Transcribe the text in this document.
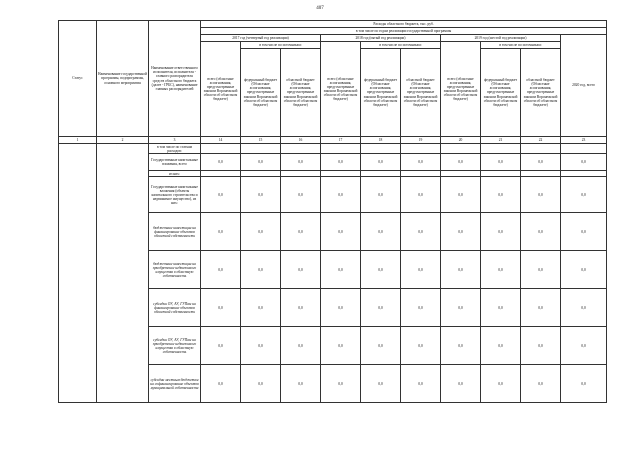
407
Статус	Наименование государственной программы, подпрограммы, основного мероприятия	Наименование ответственного исполнителя, исполнителя - главного распорядителя средств областного бюджета (далее - ГРБС), наименование главных распорядителей	Расходы областного бюджета, тыс. руб.									
			в том числе по годам реализации государственной программы									
			2017 год (четвертый год реализации)			2018 год (пятый год реализации)			2019 год (шестой год реализации)			2020 год, всего
			всего (областные ассигнования, предусмотренные законом Воронежской области об областном бюджете)	в том числе по источникам:		всего (областные ассигнования, предусмотренные законом Воронежской области об областном бюджете)	в том числе по источникам:		всего (областные ассигнования, предусмотренные законом Воронежской области об областном бюджете)	в том числе по источникам:		
				федеральный бюджет (Областные ассигнования, предусмотренные законом Воронежской области об областном бюджете)	областной бюджет (Областные ассигнования, предусмотренные законом Воронежской области об областном бюджете)		федеральный бюджет (Областные ассигнования, предусмотренные законом Воронежской области об областном бюджете)	областной бюджет (Областные ассигнования, предусмотренные законом Воронежской области об областном бюджете)		федеральный бюджет (Областные ассигнования, предусмотренные законом Воронежской области об областном бюджете)	областной бюджет (Областные ассигнования, предусмотренные законом Воронежской области об областном бюджете)	
1	2	3	14	15	16	17	18	19	20	21	22	23
		в том числе по статьям расходов:										
		Государственные капитальные вложения, всего	0,0	0,0	0,0	0,0	0,0	0,0	0,0	0,0	0,0	0,0
		из них:										
		Государственные капитальные вложения (объекты капитального строительства и недвижимое имущество), из них:	0,0	0,0	0,0	0,0	0,0	0,0	0,0	0,0	0,0	0,0
		бюджетные инвестиции на финансирование объектов областной собственности	0,0	0,0	0,0	0,0	0,0	0,0	0,0	0,0	0,0	0,0
		бюджетные инвестиции на приобретение недвижимого имущества в областную собственность	0,0	0,0	0,0	0,0	0,0	0,0	0,0	0,0	0,0	0,0
		субсидии ОУ, АУ, ГУПам на финансирование объектов областной собственности	0,0	0,0	0,0	0,0	0,0	0,0	0,0	0,0	0,0	0,0
		субсидии ОУ, АУ, ГУПам на приобретение недвижимого имущества в областную собственность	0,0	0,0	0,0	0,0	0,0	0,0	0,0	0,0	0,0	0,0
		субсидии местным бюджетам на софинансирование объектов муниципальной собственности	0,0	0,0	0,0	0,0	0,0	0,0	0,0	0,0	0,0	0,0
